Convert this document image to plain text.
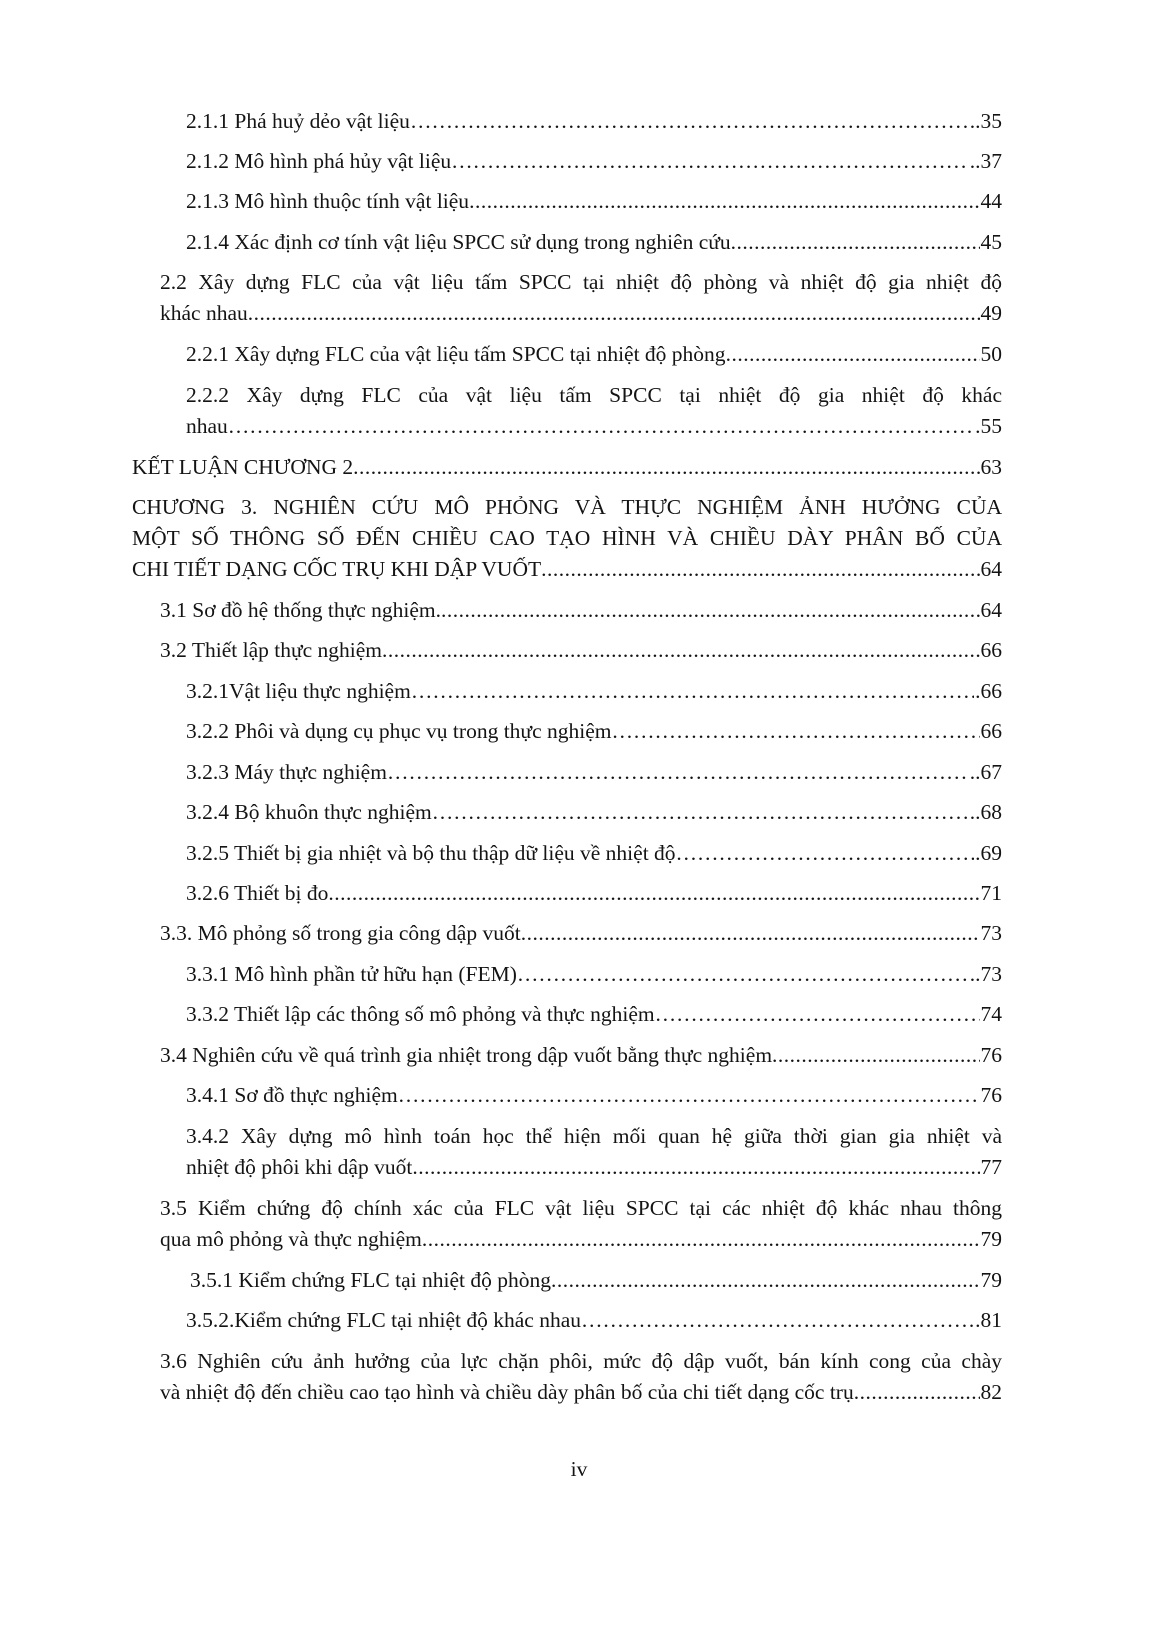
2.1.1 Phá huỷ dẻo vật liệu ……………………………………………………………………………………………………………………………………………………………………	..35
2.1.2 Mô hình phá hủy vật liệu ……………………………………………………………………………………………………………………………………………………………………	..37
2.1.3 Mô hình thuộc tính vật liệu .....	44
2.1.4 Xác định cơ tính vật liệu SPCC sử dụng trong nghiên cứu .....	45
2.2 Xây dựng FLC của vật liệu tấm SPCC tại nhiệt độ phòng và nhiệt độ gia nhiệt độ
khác nhau .....	49
2.2.1 Xây dựng FLC của vật liệu tấm SPCC tại nhiệt độ phòng .....	50
2.2.2 Xây dựng FLC của vật liệu tấm SPCC tại nhiệt độ gia nhiệt độ khác
nhau ……………………………………………………………………………………………………………………………………………………………………	.55
KẾT LUẬN CHƯƠNG 2 .....	63
CHƯƠNG 3. NGHIÊN CỨU MÔ PHỎNG VÀ THỰC NGHIỆM ẢNH HƯỞNG CỦA
MỘT SỐ THÔNG SỐ ĐẾN CHIỀU CAO TẠO HÌNH VÀ CHIỀU DÀY PHÂN BỐ CỦA
CHI TIẾT DẠNG CỐC TRỤ KHI DẬP VUỐT .....	64
3.1 Sơ đồ hệ thống thực nghiệm. .....	64
3.2 Thiết lập thực nghiệm .....	66
3.2.1Vật liệu thực nghiệm ……………………………………………………………………………………………………………………………………………………………………	.66
3.2.2 Phôi và dụng cụ phục vụ trong thực nghiệm ……………………………………………………………………………………………………………………………………………………………………	66
3.2.3 Máy thực nghiệm ……………………………………………………………………………………………………………………………………………………………………	..67
3.2.4 Bộ khuôn thực nghiệm ……………………………………………………………………………………………………………………………………………………………………	..68
3.2.5 Thiết bị gia nhiệt và bộ thu thập dữ liệu về nhiệt độ ……………………………………………………………………………………………………………………………………………………………………	.69
3.2.6 Thiết bị đo .....	71
3.3. Mô phỏng số trong gia công dập vuốt .....	73
3.3.1 Mô hình phần tử hữu hạn (FEM) ……………………………………………………………………………………………………………………………………………………………………	..73
3.3.2 Thiết lập các thông số mô phỏng và thực nghiệm ……………………………………………………………………………………………………………………………………………………………………	74
3.4 Nghiên cứu về quá trình gia nhiệt trong dập vuốt bằng thực nghiệm .....	76
3.4.1 Sơ đồ thực nghiệm ……………………………………………………………………………………………………………………………………………………………………	76
3.4.2 Xây dựng mô hình toán học thể hiện mối quan hệ giữa thời gian gia nhiệt và
nhiệt độ phôi khi dập vuốt .....	77
3.5 Kiểm chứng độ chính xác của FLC vật liệu SPCC tại các nhiệt độ khác nhau thông
qua mô phỏng và thực nghiệm .....	79
3.5.1 Kiểm chứng FLC tại nhiệt độ phòng .....	79
3.5.2.Kiểm chứng FLC tại nhiệt độ khác nhau ……………………………………………………………………………………………………………………………………………………………………	.81
3.6 Nghiên cứu ảnh hưởng của lực chặn phôi, mức độ dập vuốt, bán kính cong của chày
và nhiệt độ đến chiều cao tạo hình và chiều dày phân bố của chi tiết dạng cốc trụ .....	82
iv
